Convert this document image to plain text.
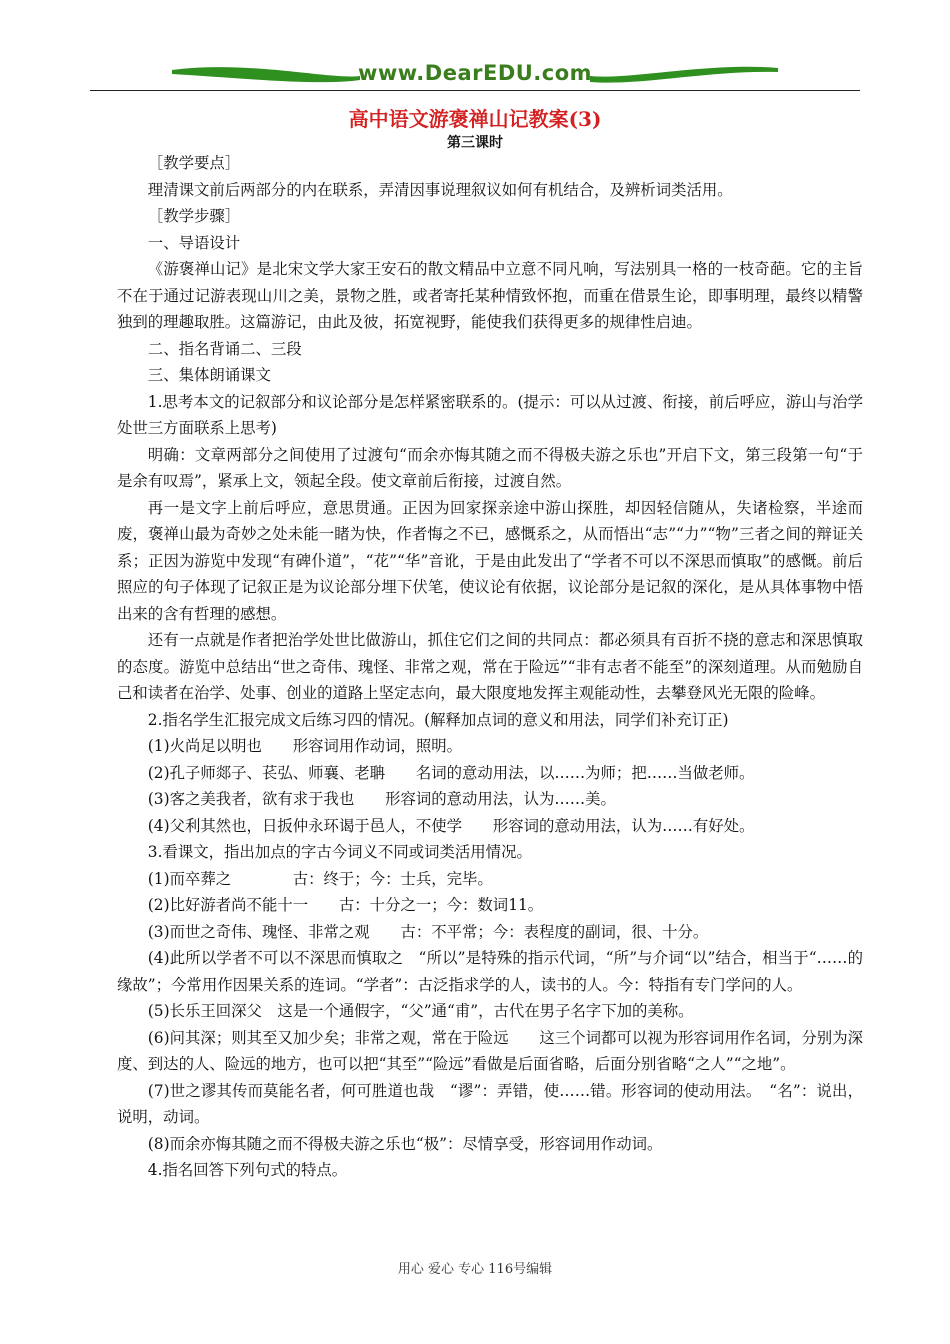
www.DearEDU.com
高中语文游褒禅山记教案(3)
第三课时

［教学要点］

理清课文前后两部分的内在联系，弄清因事说理叙议如何有机结合，及辨析词类活用。

［教学步骤］

一、导语设计

《游褒禅山记》是北宋文学大家王安石的散文精品中立意不同凡响，写法别具一格的一枝奇葩。它的主旨不在于通过记游表现山川之美，景物之胜，或者寄托某种情致怀抱，而重在借景生论，即事明理，最终以精警独到的理趣取胜。这篇游记，由此及彼，拓宽视野，能使我们获得更多的规律性启迪。

二、指名背诵二、三段

三、集体朗诵课文

1.思考本文的记叙部分和议论部分是怎样紧密联系的。(提示：可以从过渡、衔接，前后呼应，游山与治学处世三方面联系上思考)

明确：文章两部分之间使用了过渡句“而余亦悔其随之而不得极夫游之乐也”开启下文，第三段第一句“于是余有叹焉”，紧承上文，领起全段。使文章前后衔接，过渡自然。

再一是文字上前后呼应，意思贯通。正因为回家探亲途中游山探胜，却因轻信随从，失诸检察，半途而废，褒禅山最为奇妙之处未能一睹为快，作者悔之不已，感慨系之，从而悟出“志”“力”“物”三者之间的辩证关系；正因为游览中发现“有碑仆道”，“花”“华”音讹，于是由此发出了“学者不可以不深思而慎取”的感慨。前后照应的句子体现了记叙正是为议论部分埋下伏笔，使议论有依据，议论部分是记叙的深化，是从具体事物中悟出来的含有哲理的感想。

还有一点就是作者把治学处世比做游山，抓住它们之间的共同点：都必须具有百折不挠的意志和深思慎取的态度。游览中总结出“世之奇伟、瑰怪、非常之观，常在于险远”“非有志者不能至”的深刻道理。从而勉励自己和读者在治学、处事、创业的道路上坚定志向，最大限度地发挥主观能动性，去攀登风光无限的险峰。

2.指名学生汇报完成文后练习四的情况。(解释加点词的意义和用法，同学们补充订正)

(1)火尚足以明也　　形容词用作动词，照明。

(2)孔子师郯子、苌弘、师襄、老聃　　名词的意动用法，以……为师；把……当做老师。

(3)客之美我者，欲有求于我也　　形容词的意动用法，认为……美。

(4)父利其然也，日扳仲永环谒于邑人，不使学　　形容词的意动用法，认为……有好处。

3.看课文，指出加点的字古今词义不同或词类活用情况。

(1)而卒葬之　　　　古：终于；今：士兵，完毕。

(2)比好游者尚不能十一　　古：十分之一；今：数词11。

(3)而世之奇伟、瑰怪、非常之观　　古：不平常；今：表程度的副词，很、十分。

(4)此所以学者不可以不深思而慎取之　“所以”是特殊的指示代词，“所”与介词“以”结合，相当于“……的缘故”；今常用作因果关系的连词。“学者”：古泛指求学的人，读书的人。今：特指有专门学问的人。

(5)长乐王回深父　这是一个通假字，“父”通“甫”，古代在男子名字下加的美称。

(6)问其深；则其至又加少矣；非常之观，常在于险远　　这三个词都可以视为形容词用作名词，分别为深度、到达的人、险远的地方，也可以把“其至”“险远”看做是后面省略，后面分别省略“之人”“之地”。

(7)世之谬其传而莫能名者，何可胜道也哉　“谬”：弄错，使……错。形容词的使动用法。　“名”：说出，说明，动词。

(8)而余亦悔其随之而不得极夫游之乐也“极”：尽情享受，形容词用作动词。

4.指名回答下列句式的特点。

用心 爱心 专心 116号编辑
